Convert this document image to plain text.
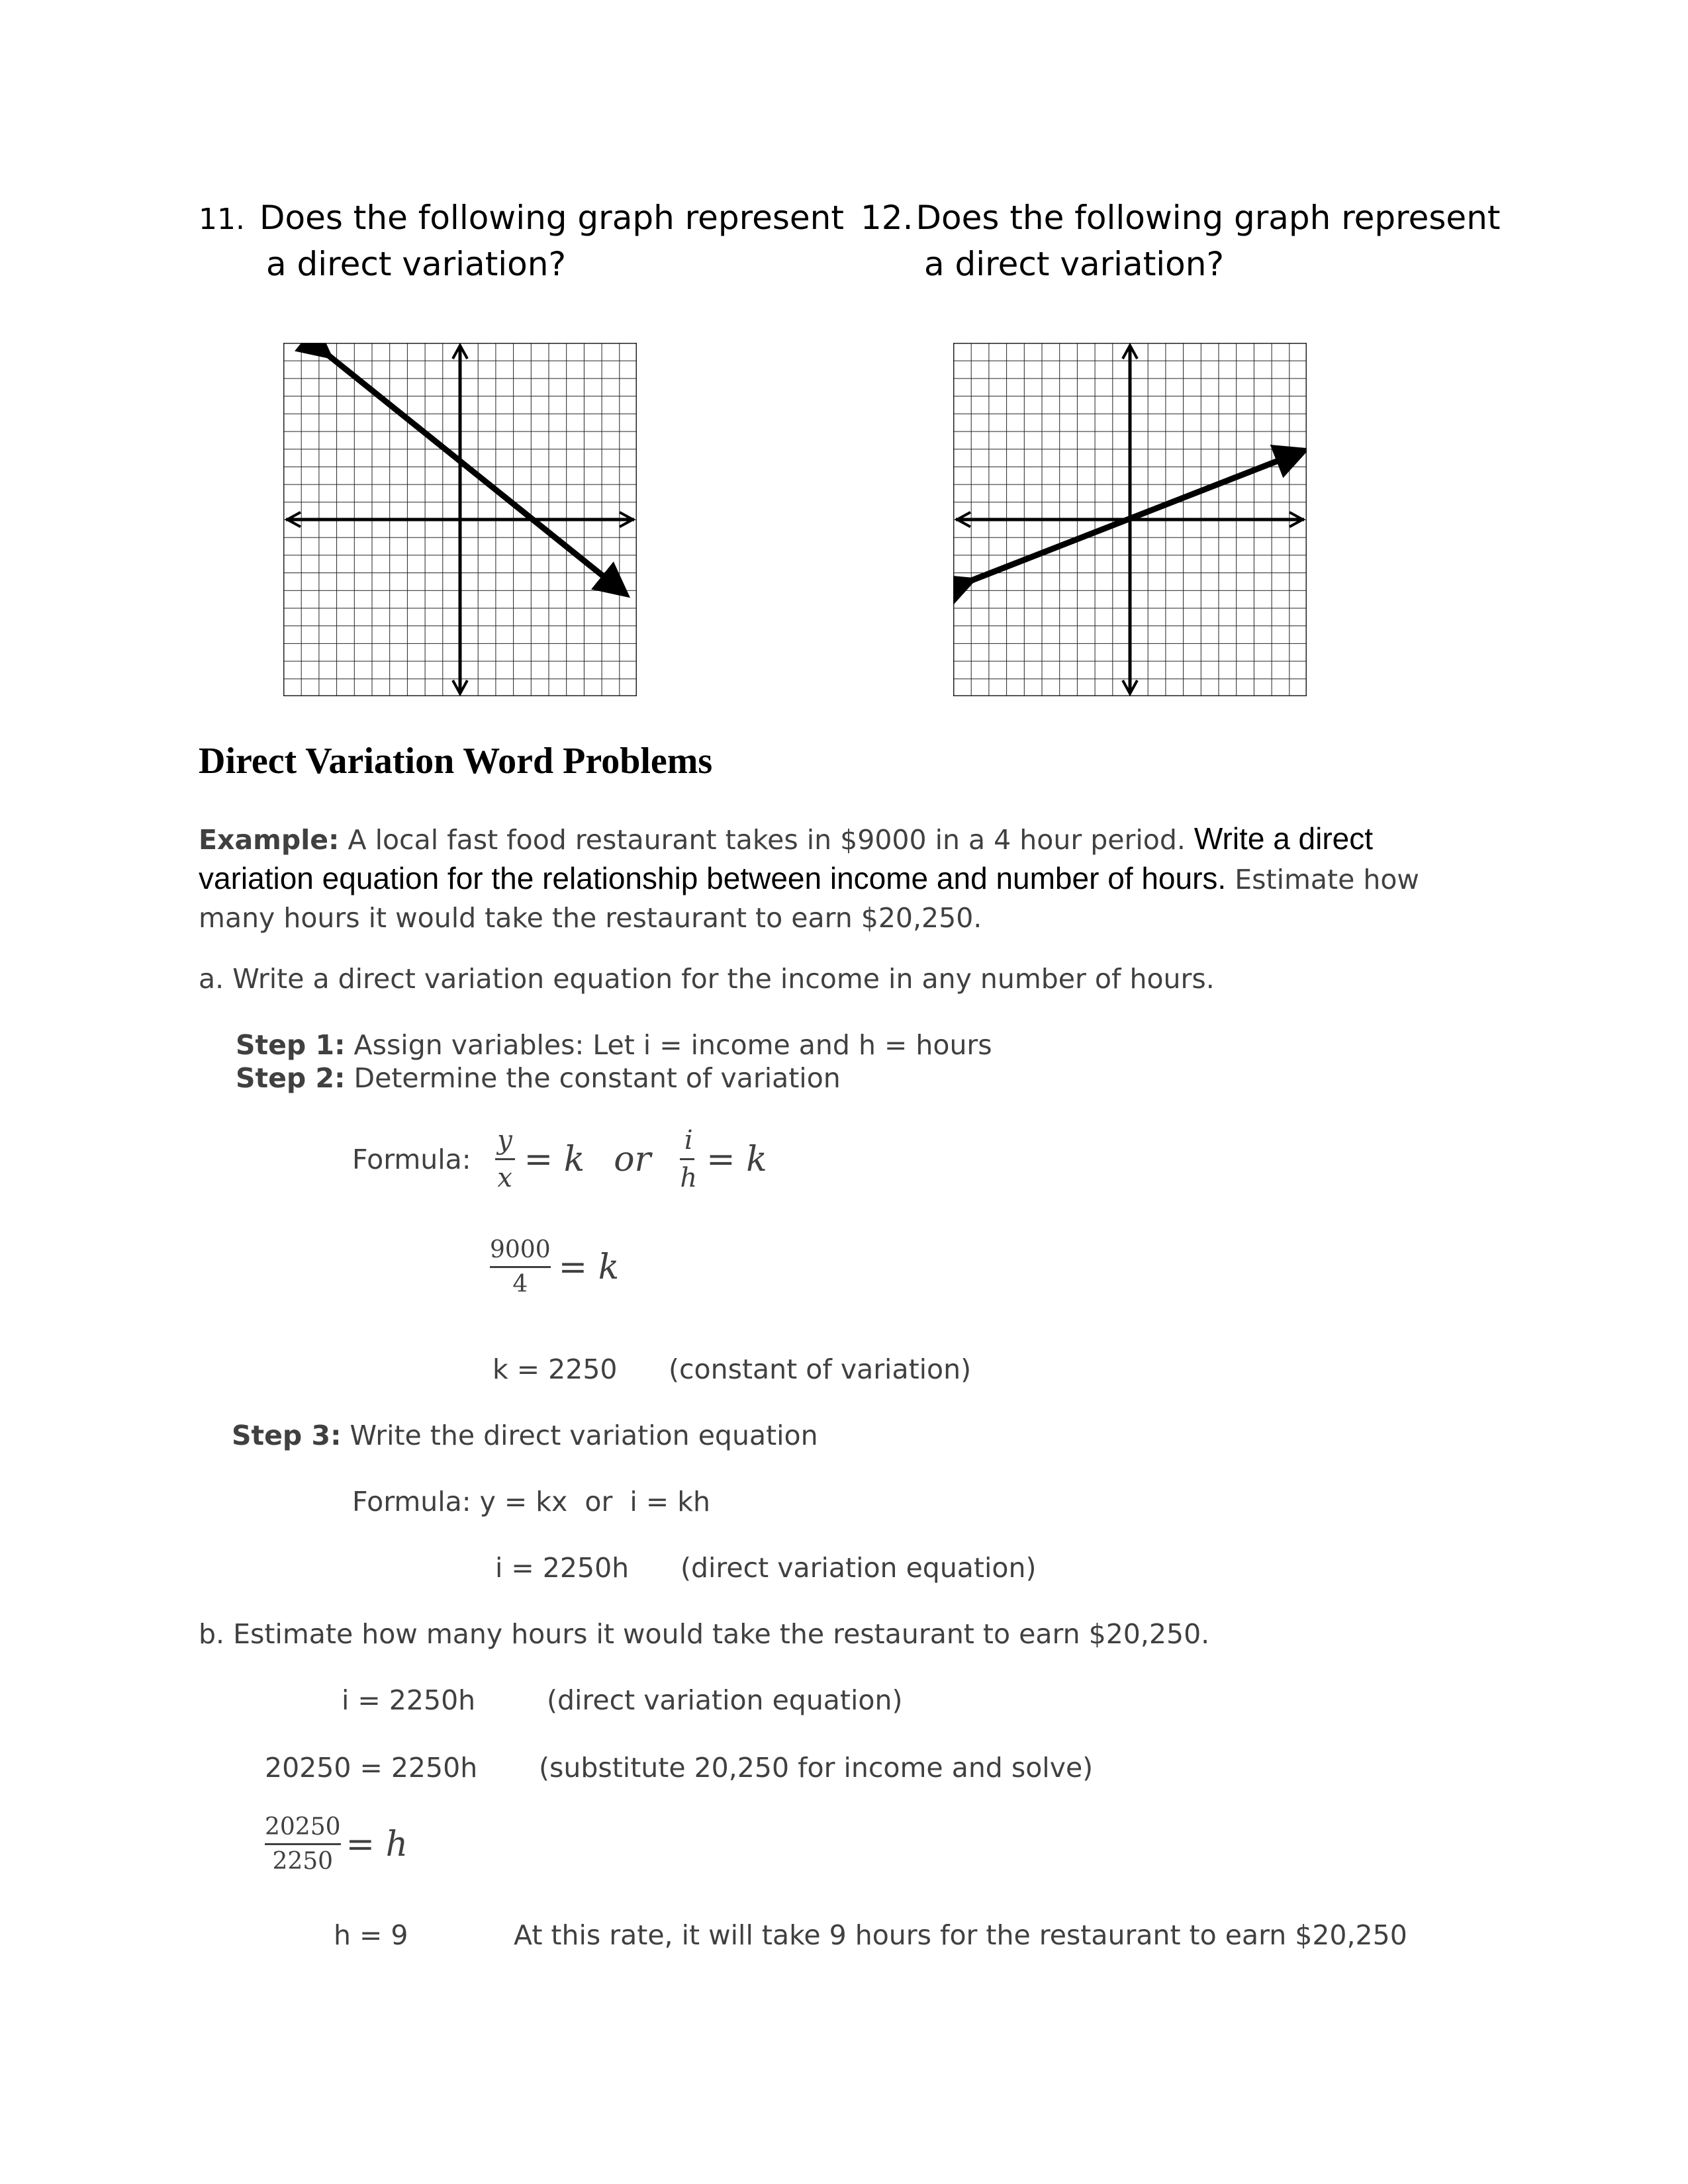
11. Does the following graph represent
a direct variation?
12. Does the following graph represent
a direct variation?
Direct Variation Word Problems
Example: A local fast food restaurant takes in $9000 in a 4 hour period. Write a direct variation equation for the relationship between income and number of hours. Estimate how many hours it would take the restaurant to earn $20,250.
a. Write a direct variation equation for the income in any number of hours.
Step 1: Assign variables: Let i = income and h = hours
Step 2: Determine the constant of variation
Formula: $\frac{y}{x} = k$ or $\frac{i}{h} = k$
$\frac{9000}{4} = k$
k = 2250 (constant of variation)
Step 3: Write the direct variation equation
Formula: y = kx  or  i = kh
i = 2250h (direct variation equation)
b. Estimate how many hours it would take the restaurant to earn $20,250.
i = 2250h	(direct variation equation)
20250 = 2250h (substitute 20,250 for income and solve)
$\frac{20250}{2250} = h$
h = 9	At this rate, it will take 9 hours for the restaurant to earn $20,250
